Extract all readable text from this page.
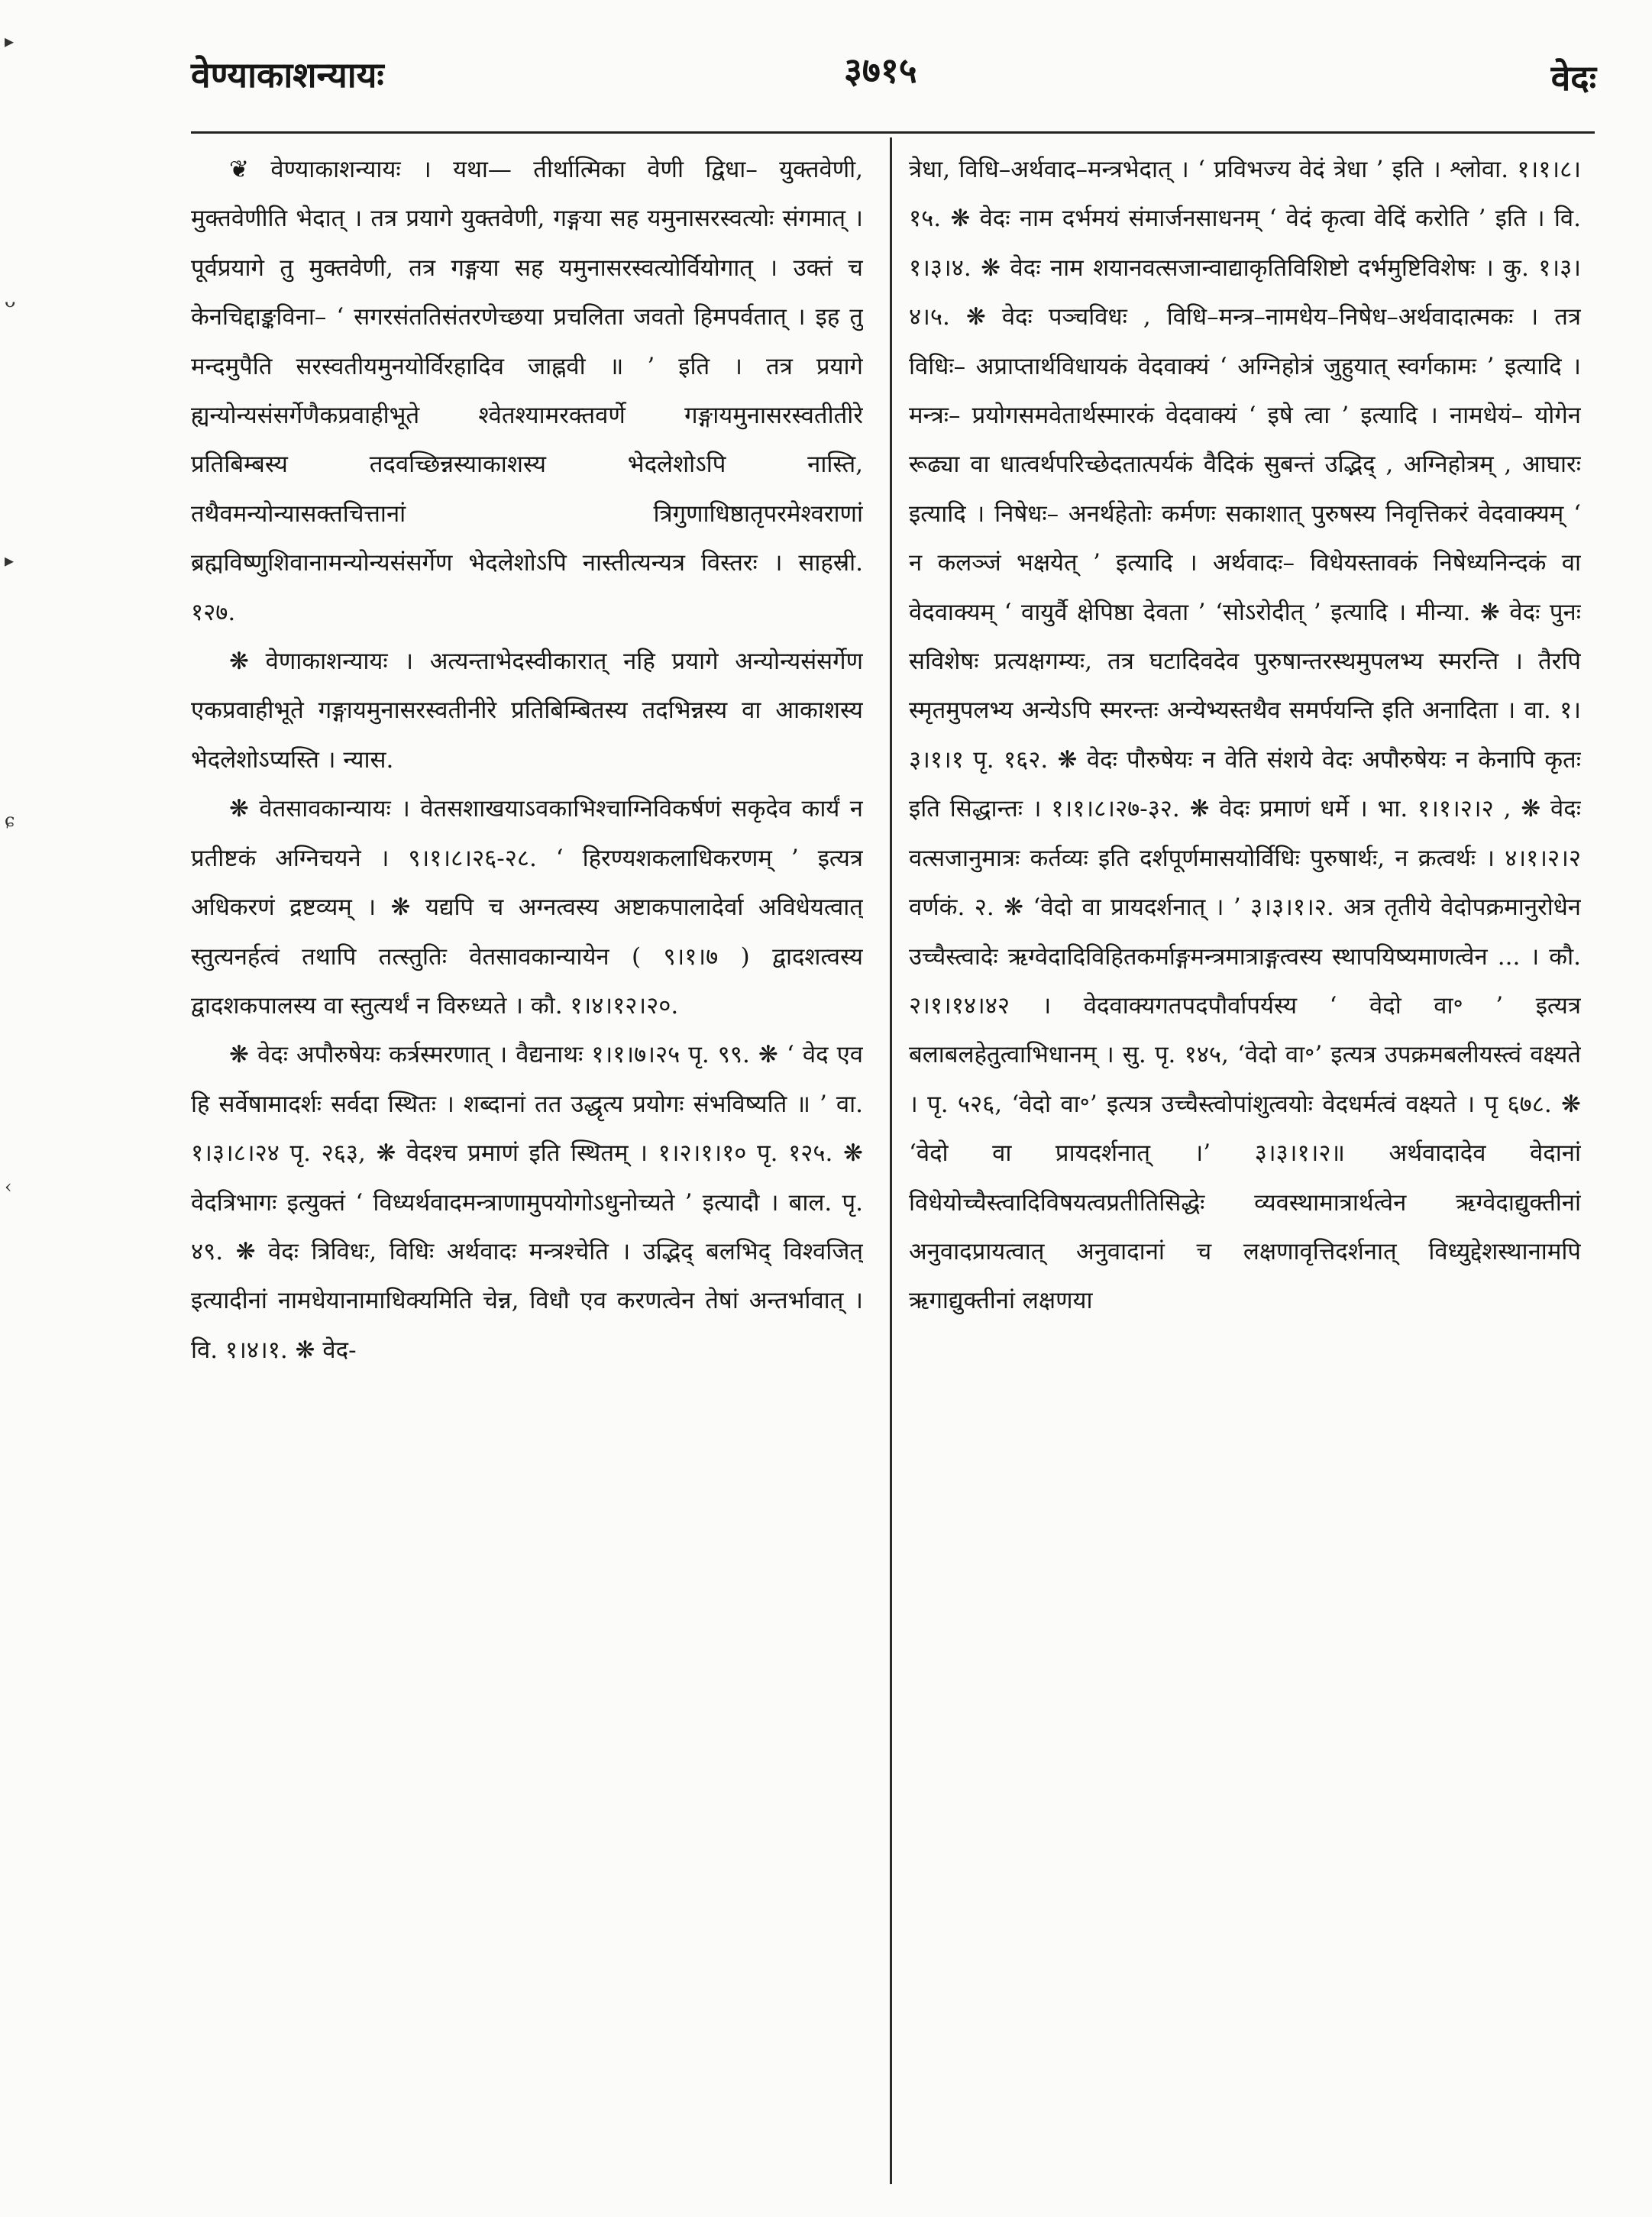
वेण्याकाशन्यायः	३७१५	वेदः
▸
ᴗ
▸
ɕ
‹

❦ वेण्याकाशन्यायः । यथा— तीर्थात्मिका वेणी द्विधा– युक्तवेणी, मुक्तवेणीति भेदात् । तत्र प्रयागे युक्तवेणी, गङ्गया सह यमुनासरस्वत्योः संगमात् । पूर्वप्रयागे तु मुक्तवेणी, तत्र गङ्गया सह यमुनासरस्वत्योर्वियोगात् । उक्तं च केनचिद्दाङ्कविना– ‘ सगरसंततिसंतरणेच्छया प्रचलिता जवतो हिमपर्वतात् । इह तु मन्दमुपैति सरस्वतीयमुनयोर्विरहादिव जाह्नवी ॥ ’ इति । तत्र प्रयागे ह्यन्योन्यसंसर्गेणैकप्रवाहीभूते श्वेतश्यामरक्तवर्णे गङ्गायमुनासरस्वतीतीरे प्रतिबिम्बस्य तदवच्छिन्नस्याकाशस्य भेदलेशोऽपि नास्ति, तथैवमन्योन्यासक्तचित्तानां त्रिगुणाधिष्ठातृपरमेश्वराणां ब्रह्मविष्णुशिवानामन्योन्यसंसर्गेण भेदलेशोऽपि नास्तीत्यन्यत्र विस्तरः । साहस्री. १२७.

❋ वेणाकाशन्यायः । अत्यन्ताभेदस्वीकारात् नहि प्रयागे अन्योन्यसंसर्गेण एकप्रवाहीभूते गङ्गायमुनासरस्वतीनीरे प्रतिबिम्बितस्य तदभिन्नस्य वा आकाशस्य भेदलेशोऽप्यस्ति । न्यास.

❋ वेतसावकान्यायः । वेतसशाखयाऽवकाभिश्चाग्निविकर्षणं सकृदेव कार्यं न प्रतीष्टकं अग्निचयने । ९।१।८।२६-२८. ‘ हिरण्यशकलाधिकरणम् ’ इत्यत्र अधिकरणं द्रष्टव्यम् । ❋ यद्यपि च अग्नत्वस्य अष्टाकपालादेर्वा अविधेयत्वात् स्तुत्यनर्हत्वं तथापि तत्स्तुतिः वेतसावकान्यायेन ( ९।१।७ ) द्वादशत्वस्य द्वादशकपालस्य वा स्तुत्यर्थं न विरुध्यते । कौ. १।४।१२।२०.

❋ वेदः अपौरुषेयः कर्त्रस्मरणात् । वैद्यनाथः १।१।७।२५ पृ. ९९. ❋ ‘ वेद एव हि सर्वेषामादर्शः सर्वदा स्थितः । शब्दानां तत उद्धृत्य प्रयोगः संभविष्यति ॥ ’ वा. १।३।८।२४ पृ. २६३, ❋ वेदश्च प्रमाणं इति स्थितम् । १।२।१।१० पृ. १२५. ❋ वेदत्रिभागः इत्युक्तं ‘ विध्यर्थवादमन्त्राणामुपयोगोऽधुनोच्यते ’ इत्यादौ । बाल. पृ. ४९. ❋ वेदः त्रिविधः, विधिः अर्थवादः मन्त्रश्चेति । उद्भिद् बलभिद् विश्वजित् इत्यादीनां नामधेयानामाधिक्यमिति चेन्न, विधौ एव करणत्वेन तेषां अन्तर्भावात् । वि. १।४।१. ❋ वेद-

त्रेधा, विधि–अर्थवाद–मन्त्रभेदात् । ‘ प्रविभज्य वेदं त्रेधा ’ इति । श्लोवा. १।१।८।१५. ❋ वेदः नाम दर्भमयं संमार्जनसाधनम् ‘ वेदं कृत्वा वेदिं करोति ’ इति । वि. १।३।४. ❋ वेदः नाम शयानवत्सजान्वाद्याकृतिविशिष्टो दर्भमुष्टिविशेषः । कु. १।३।४।५. ❋ वेदः पञ्चविधः , विधि–मन्त्र–नामधेय–निषेध–अर्थवादात्मकः । तत्र विधिः– अप्राप्तार्थविधायकं वेदवाक्यं ‘ अग्निहोत्रं जुहुयात् स्वर्गकामः ’ इत्यादि । मन्त्रः– प्रयोगसमवेतार्थस्मारकं वेदवाक्यं ‘ इषे त्वा ’ इत्यादि । नामधेयं– योगेन रूढ्या वा धात्वर्थपरिच्छेदतात्पर्यकं वैदिकं सुबन्तं उद्भिद् , अग्निहोत्रम् , आघारः इत्यादि । निषेधः– अनर्थहेतोः कर्मणः सकाशात् पुरुषस्य निवृत्तिकरं वेदवाक्यम् ‘ न कलञ्जं भक्षयेत् ’ इत्यादि । अर्थवादः– विधेयस्तावकं निषेध्यनिन्दकं वा वेदवाक्यम् ‘ वायुर्वै क्षेपिष्ठा देवता ’ ‘सोऽरोदीत् ’ इत्यादि । मीन्या. ❋ वेदः पुनः सविशेषः प्रत्यक्षगम्यः, तत्र घटादिवदेव पुरुषान्तरस्थमुपलभ्य स्मरन्ति । तैरपि स्मृतमुपलभ्य अन्येऽपि स्मरन्तः अन्येभ्यस्तथैव समर्पयन्ति इति अनादिता । वा. १।३।१।१ पृ. १६२. ❋ वेदः पौरुषेयः न वेति संशये वेदः अपौरुषेयः न केनापि कृतः इति सिद्धान्तः । १।१।८।२७-३२. ❋ वेदः प्रमाणं धर्मे । भा. १।१।२।२ , ❋ वेदः वत्सजानुमात्रः कर्तव्यः इति दर्शपूर्णमासयोर्विधिः पुरुषार्थः, न क्रत्वर्थः । ४।१।२।२ वर्णकं. २. ❋ ‘वेदो वा प्रायदर्शनात् । ’ ३।३।१।२. अत्र तृतीये वेदोपक्रमानुरोधेन उच्चैस्त्वादेः ऋग्वेदादिविहितकर्माङ्गमन्त्रमात्राङ्गत्वस्य स्थापयिष्यमाणत्वेन ... । कौ. २।१।१४।४२ । वेदवाक्यगतपदपौर्वापर्यस्य ‘ वेदो वा॰ ’ इत्यत्र बलाबलहेतुत्वाभिधानम् । सु. पृ. १४५, ‘वेदो वा॰’ इत्यत्र उपक्रमबलीयस्त्वं वक्ष्यते । पृ. ५२६, ‘वेदो वा॰’ इत्यत्र उच्चैस्त्वोपांशुत्वयोः वेदधर्मत्वं वक्ष्यते । पृ ६७८. ❋ ‘वेदो वा प्रायदर्शनात् ।’ ३।३।१।२॥ अर्थवादादेव वेदानां विधेयोच्चैस्त्वादिविषयत्वप्रतीतिसिद्धेः व्यवस्थामात्रार्थत्वेन ऋग्वेदाद्युक्तीनां अनुवादप्रायत्वात् अनुवादानां च लक्षणावृत्तिदर्शनात् विध्युद्देशस्थानामपि ऋगाद्युक्तीनां लक्षणया
